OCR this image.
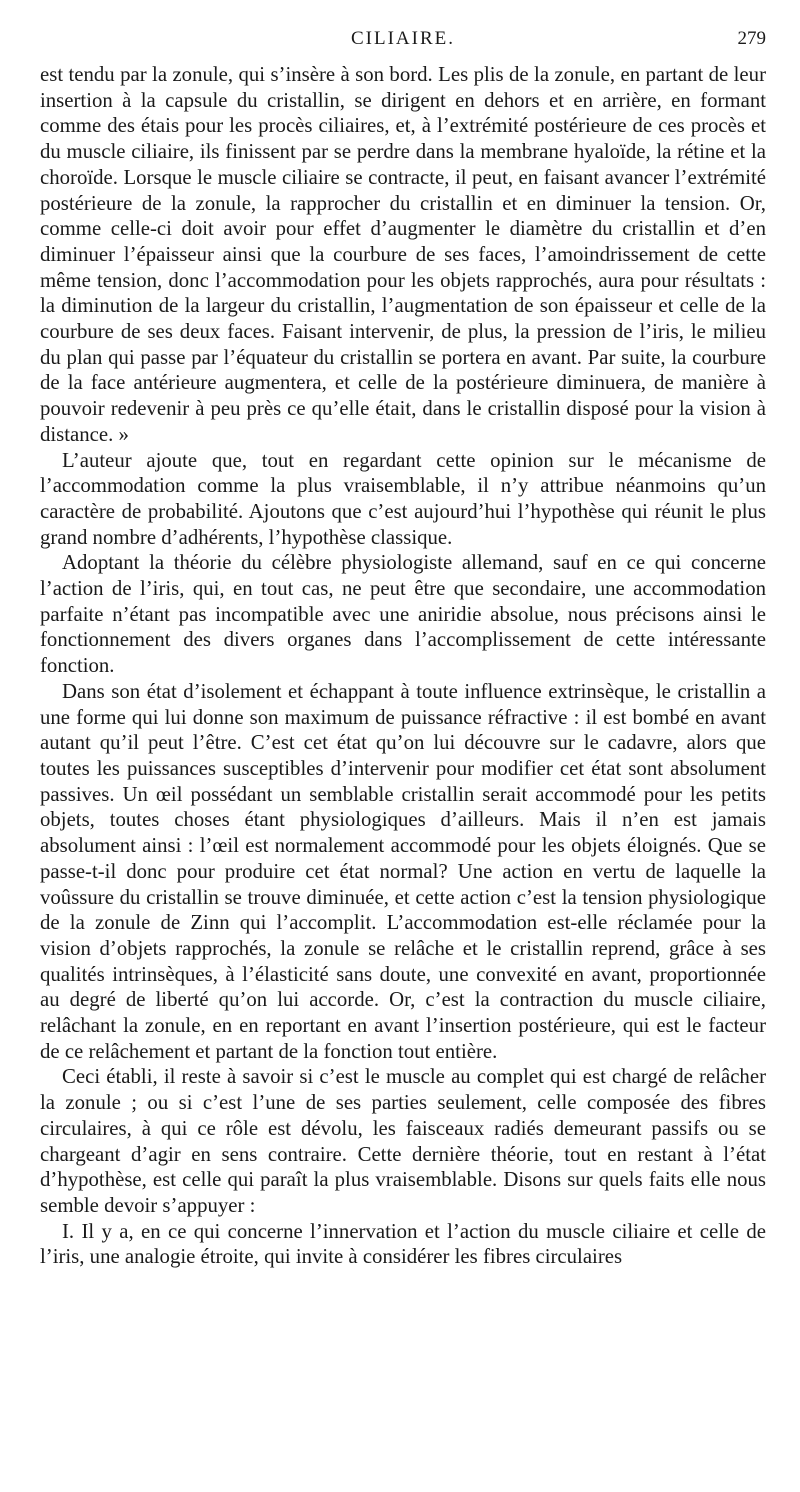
CILIAIRE.	279

est tendu par la zonule, qui s’insère à son bord. Les plis de la zonule, en partant de leur insertion à la capsule du cristallin, se dirigent en dehors et en arrière, en formant comme des étais pour les procès ciliaires, et, à l’extrémité postérieure de ces procès et du muscle ciliaire, ils finissent par se perdre dans la membrane hyaloïde, la rétine et la choroïde. Lorsque le muscle ciliaire se contracte, il peut, en faisant avancer l’extrémité postérieure de la zonule, la rapprocher du cristallin et en diminuer la tension. Or, comme celle-ci doit avoir pour effet d’augmenter le diamètre du cristallin et d’en diminuer l’épaisseur ainsi que la courbure de ses faces, l’amoindrissement de cette même tension, donc l’accommodation pour les objets rapprochés, aura pour résultats : la diminution de la largeur du cristallin, l’augmentation de son épaisseur et celle de la courbure de ses deux faces. Faisant intervenir, de plus, la pression de l’iris, le milieu du plan qui passe par l’équateur du cristallin se portera en avant. Par suite, la courbure de la face antérieure augmentera, et celle de la postérieure diminuera, de manière à pouvoir redevenir à peu près ce qu’elle était, dans le cristallin disposé pour la vision à distance. »

L’auteur ajoute que, tout en regardant cette opinion sur le mécanisme de l’accommodation comme la plus vraisemblable, il n’y attribue néanmoins qu’un caractère de probabilité. Ajoutons que c’est aujourd’hui l’hypothèse qui réunit le plus grand nombre d’adhérents, l’hypothèse classique.

Adoptant la théorie du célèbre physiologiste allemand, sauf en ce qui concerne l’action de l’iris, qui, en tout cas, ne peut être que secondaire, une accommodation parfaite n’étant pas incompatible avec une aniridie absolue, nous précisons ainsi le fonctionnement des divers organes dans l’accomplissement de cette intéressante fonction.

Dans son état d’isolement et échappant à toute influence extrinsèque, le cristallin a une forme qui lui donne son maximum de puissance réfractive : il est bombé en avant autant qu’il peut l’être. C’est cet état qu’on lui découvre sur le cadavre, alors que toutes les puissances susceptibles d’intervenir pour modifier cet état sont absolument passives. Un œil possédant un semblable cristallin serait accommodé pour les petits objets, toutes choses étant physiologiques d’ailleurs. Mais il n’en est jamais absolument ainsi : l’œil est normalement accommodé pour les objets éloignés. Que se passe-t-il donc pour produire cet état normal? Une action en vertu de laquelle la voûssure du cristallin se trouve diminuée, et cette action c’est la tension physiologique de la zonule de Zinn qui l’accomplit. L’accommodation est-elle réclamée pour la vision d’objets rapprochés, la zonule se relâche et le cristallin reprend, grâce à ses qualités intrinsèques, à l’élasticité sans doute, une convexité en avant, proportionnée au degré de liberté qu’on lui accorde. Or, c’est la contraction du muscle ciliaire, relâchant la zonule, en en reportant en avant l’insertion postérieure, qui est le facteur de ce relâchement et partant de la fonction tout entière.

Ceci établi, il reste à savoir si c’est le muscle au complet qui est chargé de relâcher la zonule ; ou si c’est l’une de ses parties seulement, celle composée des fibres circulaires, à qui ce rôle est dévolu, les faisceaux radiés demeurant passifs ou se chargeant d’agir en sens contraire. Cette dernière théorie, tout en restant à l’état d’hypothèse, est celle qui paraît la plus vraisemblable. Disons sur quels faits elle nous semble devoir s’appuyer :

I. Il y a, en ce qui concerne l’innervation et l’action du muscle ciliaire et celle de l’iris, une analogie étroite, qui invite à considérer les fibres circulaires
